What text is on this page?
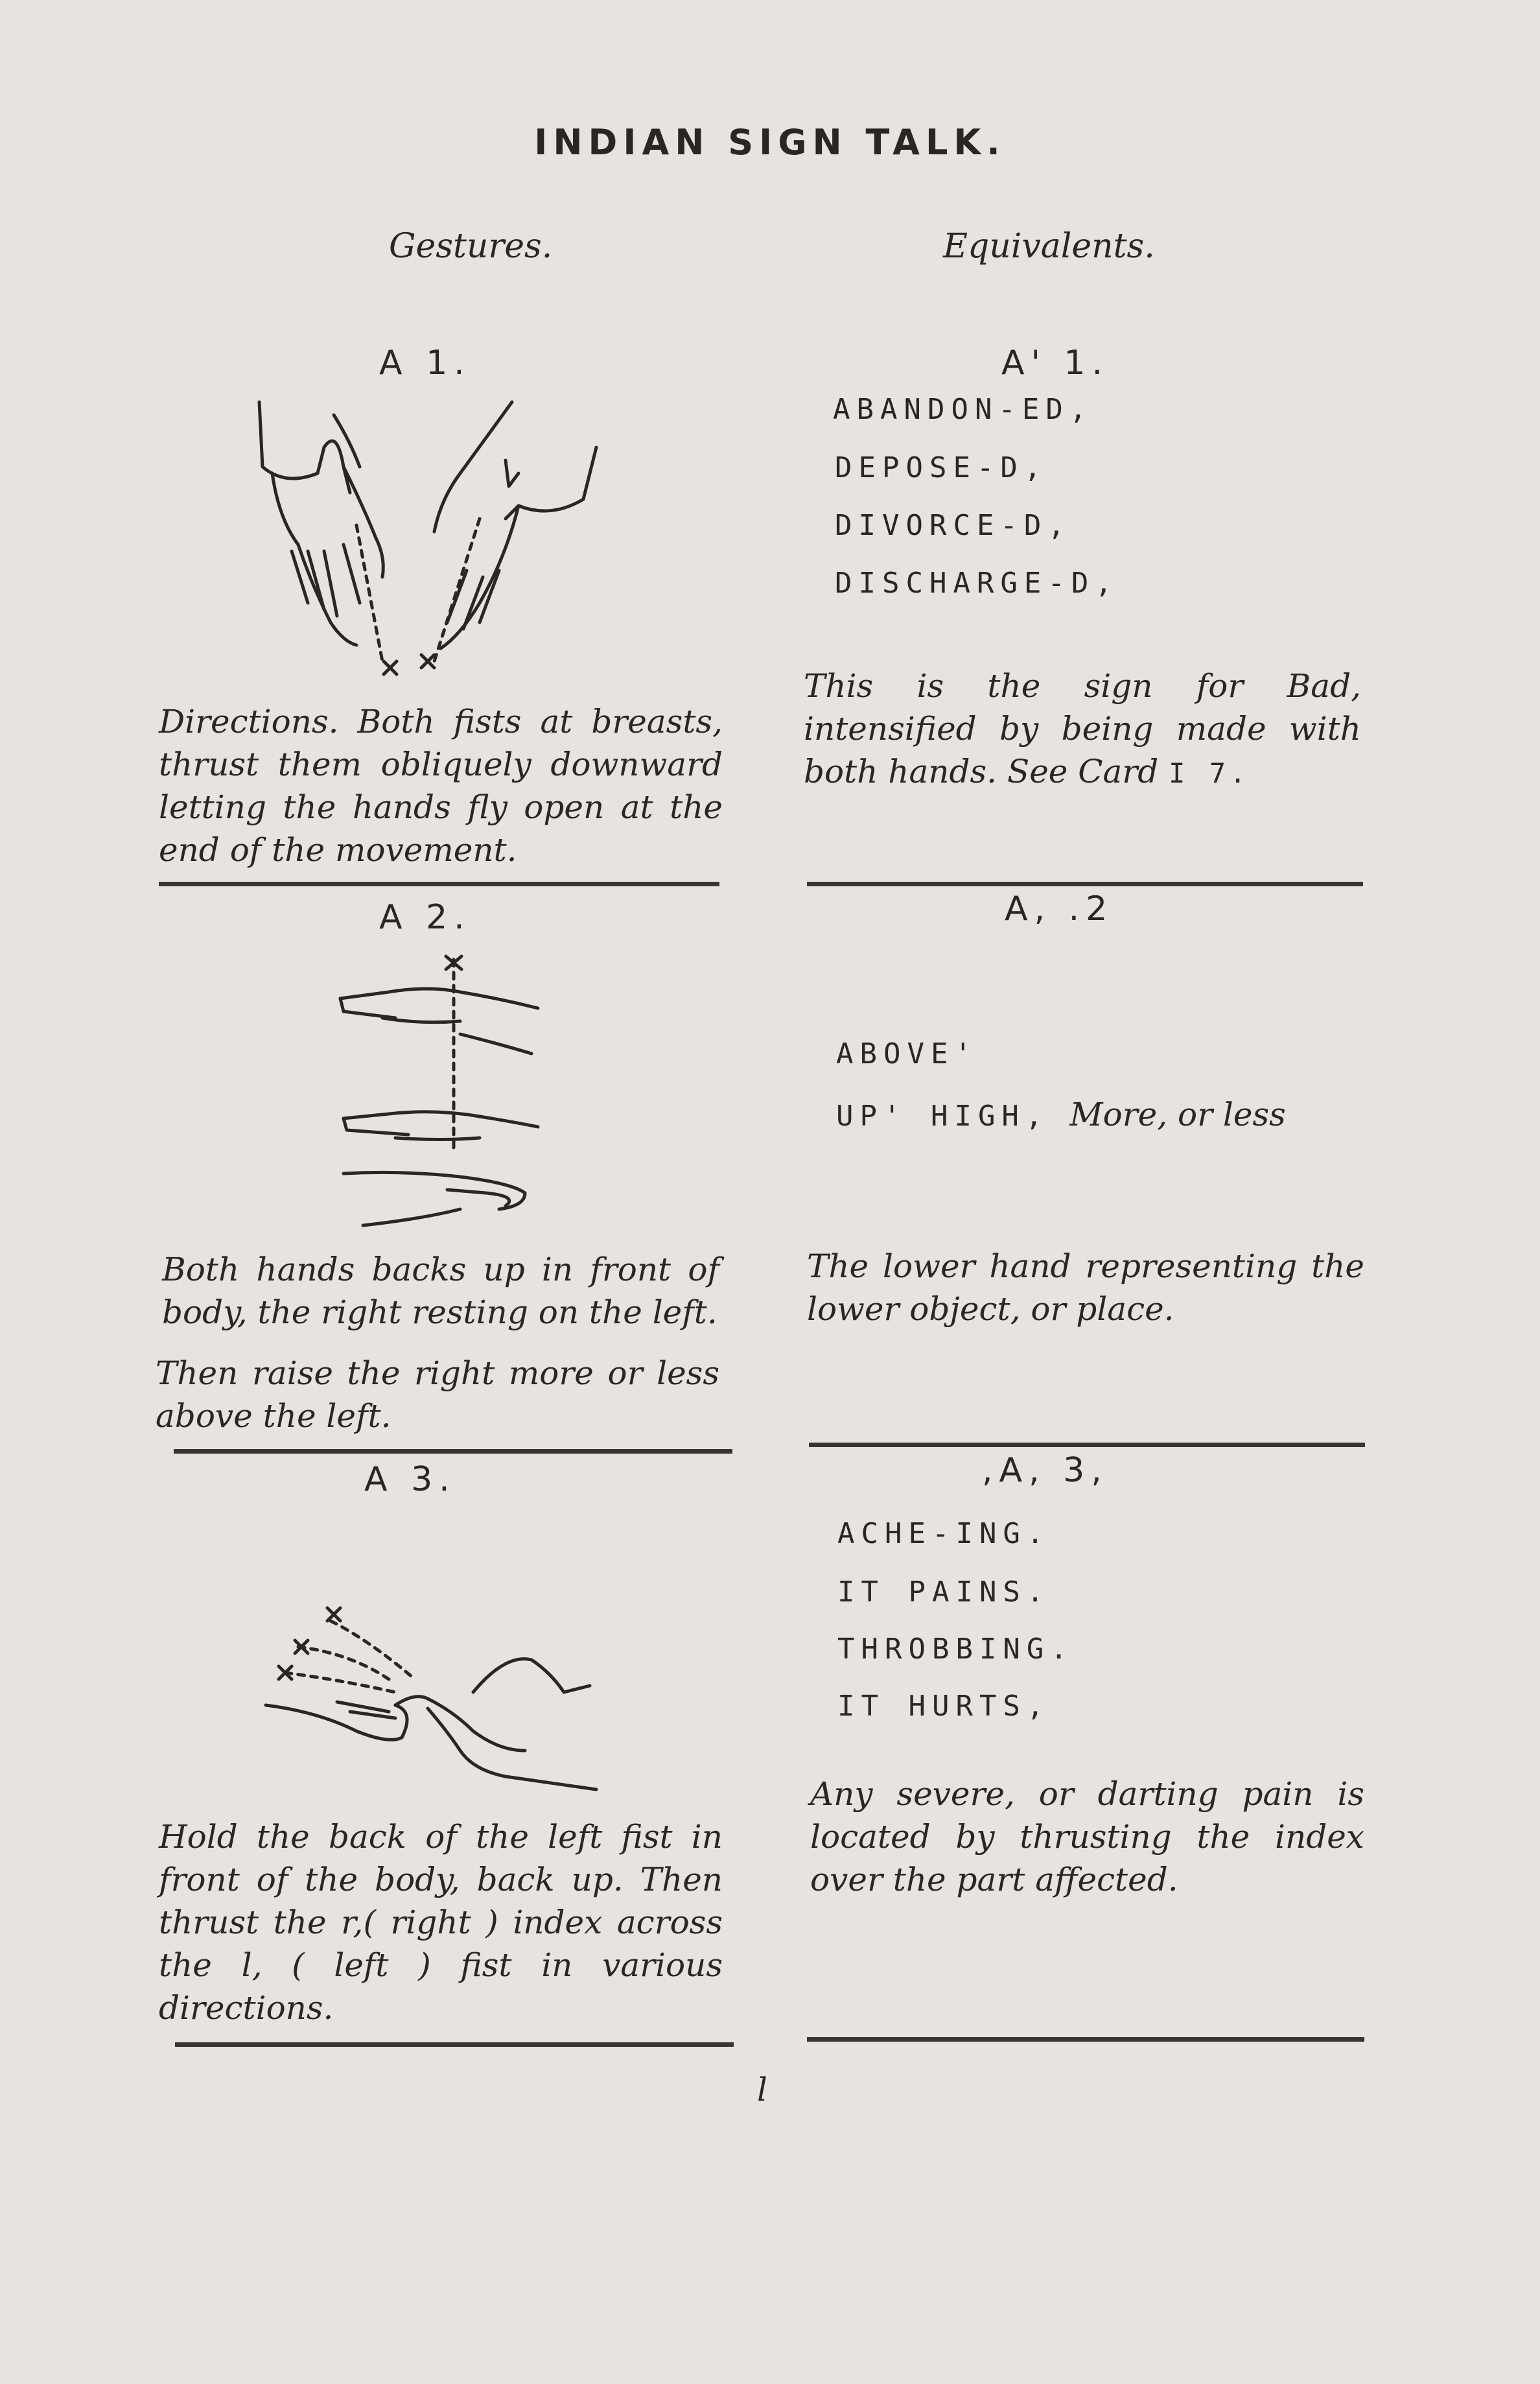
INDIAN SIGN TALK.
Gestures.	Equivalents.
A 1.
Directions. Both fists at breasts, thrust them obliquely downward letting the hands fly open at the end of the movement.
A' 1.
ABANDON-ED,
DEPOSE-D,
DIVORCE-D,
DISCHARGE-D,
This is the sign for Bad, intensified by being made with both hands. See Card I 7.
A 2.
Both hands backs up in front of body, the right resting on the left.
Then raise the right more or less above the left.
A, .2
ABOVE'
UP' HIGH, More, or less
The lower hand representing the lower object, or place.
A 3.
Hold the back of the left fist in front of the body, back up. Then thrust the r,( right ) index across the l, ( left ) fist in various directions.
,A, 3,
ACHE-ING.
IT PAINS.
THROBBING.
IT HURTS,
Any severe, or darting pain is located by thrusting the index over the part affected.
l
